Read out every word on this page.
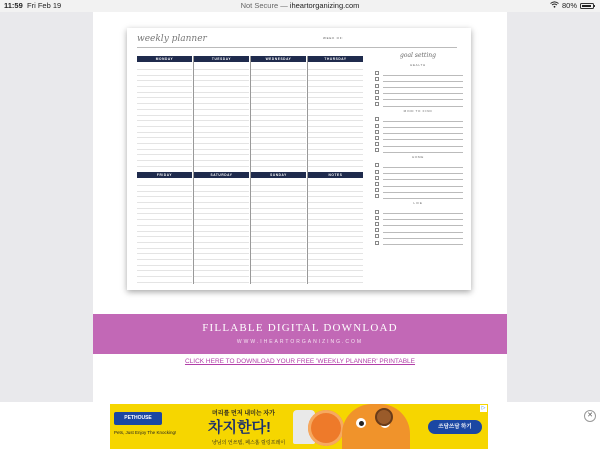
11:59 Fri Feb 19	Not Secure — iheartorganizing.com	80%
weekly planner	WEEK OF:
MONDAY	TUESDAY	WEDNESDAY	THURSDAY
FRIDAY	SATURDAY	SUNDAY	NOTES
goal setting
HEALTH
MIND TO FIND
HOME
LIFE
FILLABLE DIGITAL DOWNLOAD
WWW.IHEARTORGANIZING.COM
CLICK HERE TO DOWNLOAD YOUR FREE 'WEEKLY PLANNER' PRINTABLE
PETHOUSE
Pets, Just Enjoy The Knocking!
머리를 먼저 내미는 자가
차지한다!
냥님의 언쓰템, 페스홈 릴링프레이
쓰담쓰담 하기
▷
✕
